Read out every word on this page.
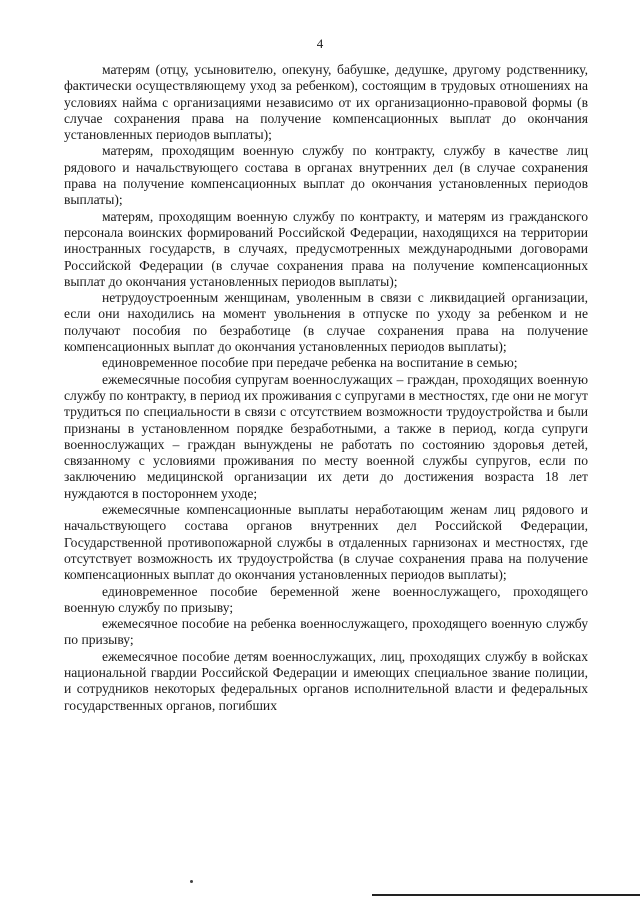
4

матерям (отцу, усыновителю, опекуну, бабушке, дедушке, другому родственнику, фактически осуществляющему уход за ребенком), состоящим в трудовых отношениях на условиях найма с организациями независимо от их организационно-правовой формы (в случае сохранения права на получение компенсационных выплат до окончания установленных периодов выплаты);

матерям, проходящим военную службу по контракту, службу в качестве лиц рядового и начальствующего состава в органах внутренних дел (в случае сохранения права на получение компенсационных выплат до окончания установленных периодов выплаты);

матерям, проходящим военную службу по контракту, и матерям из гражданского персонала воинских формирований Российской Федерации, находящихся на территории иностранных государств, в случаях, предусмотренных международными договорами Российской Федерации (в случае сохранения права на получение компенсационных выплат до окончания установленных периодов выплаты);

нетрудоустроенным женщинам, уволенным в связи с ликвидацией организации, если они находились на момент увольнения в отпуске по уходу за ребенком и не получают пособия по безработице (в случае сохранения права на получение компенсационных выплат до окончания установленных периодов выплаты);

единовременное пособие при передаче ребенка на воспитание в семью;

ежемесячные пособия супругам военнослужащих – граждан, проходящих военную службу по контракту, в период их проживания с супругами в местностях, где они не могут трудиться по специальности в связи с отсутствием возможности трудоустройства и были признаны в установленном порядке безработными, а также в период, когда супруги военнослужащих – граждан вынуждены не работать по состоянию здоровья детей, связанному с условиями проживания по месту военной службы супругов, если по заключению медицинской организации их дети до достижения возраста 18 лет нуждаются в постороннем уходе;

ежемесячные компенсационные выплаты неработающим женам лиц рядового и начальствующего состава органов внутренних дел Российской Федерации, Государственной противопожарной службы в отдаленных гарнизонах и местностях, где отсутствует возможность их трудоустройства (в случае сохранения права на получение компенсационных выплат до окончания установленных периодов выплаты);

единовременное пособие беременной жене военнослужащего, проходящего военную службу по призыву;

ежемесячное пособие на ребенка военнослужащего, проходящего военную службу по призыву;

ежемесячное пособие детям военнослужащих, лиц, проходящих службу в войсках национальной гвардии Российской Федерации и имеющих специальное звание полиции, и сотрудников некоторых федеральных органов исполнительной власти и федеральных государственных органов, погибших
